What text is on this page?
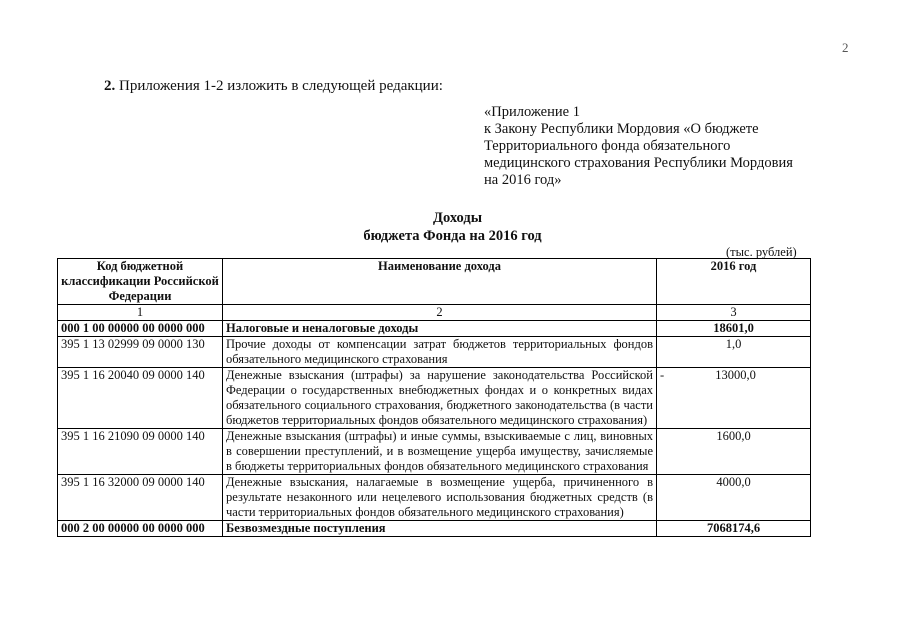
2
2. Приложения 1-2 изложить в следующей редакции:
«Приложение 1
к Закону Республики Мордовия «О бюджете
Территориального фонда обязательного
медицинского страхования Республики Мордовия
на 2016 год»
Доходы
бюджета Фонда на 2016 год
(тыс. рублей)
Код бюджетной классификации Российской Федерации	Наименование дохода	2016 год
1	2	3
000 1 00 00000 00 0000 000	Налоговые и неналоговые доходы	18601,0
395 1 13 02999 09 0000 130	Прочие доходы от компенсации затрат бюджетов территориальных фондов обязательного медицинского страхования	1,0
395 1 16 20040 09 0000 140	Денежные взыскания (штрафы) за нарушение законодательства Российской Федерации о государственных внебюджетных фондах и о конкретных видах обязательного социального страхования, бюджетного законодательства (в части бюджетов территориальных фондов обязательного медицинского страхования)	- 13000,0
395 1 16 21090 09 0000 140	Денежные взыскания (штрафы) и иные суммы, взыскиваемые с лиц, виновных в совершении преступлений, и в возмещение ущерба имуществу, зачисляемые в бюджеты территориальных фондов обязательного медицинского страхования	1600,0
395 1 16 32000 09 0000 140	Денежные взыскания, налагаемые в возмещение ущерба, причиненного в результате незаконного или нецелевого использования бюджетных средств (в части территориальных фондов обязательного медицинского страхования)	4000,0
000 2 00 00000 00 0000 000	Безвозмездные поступления	7068174,6
